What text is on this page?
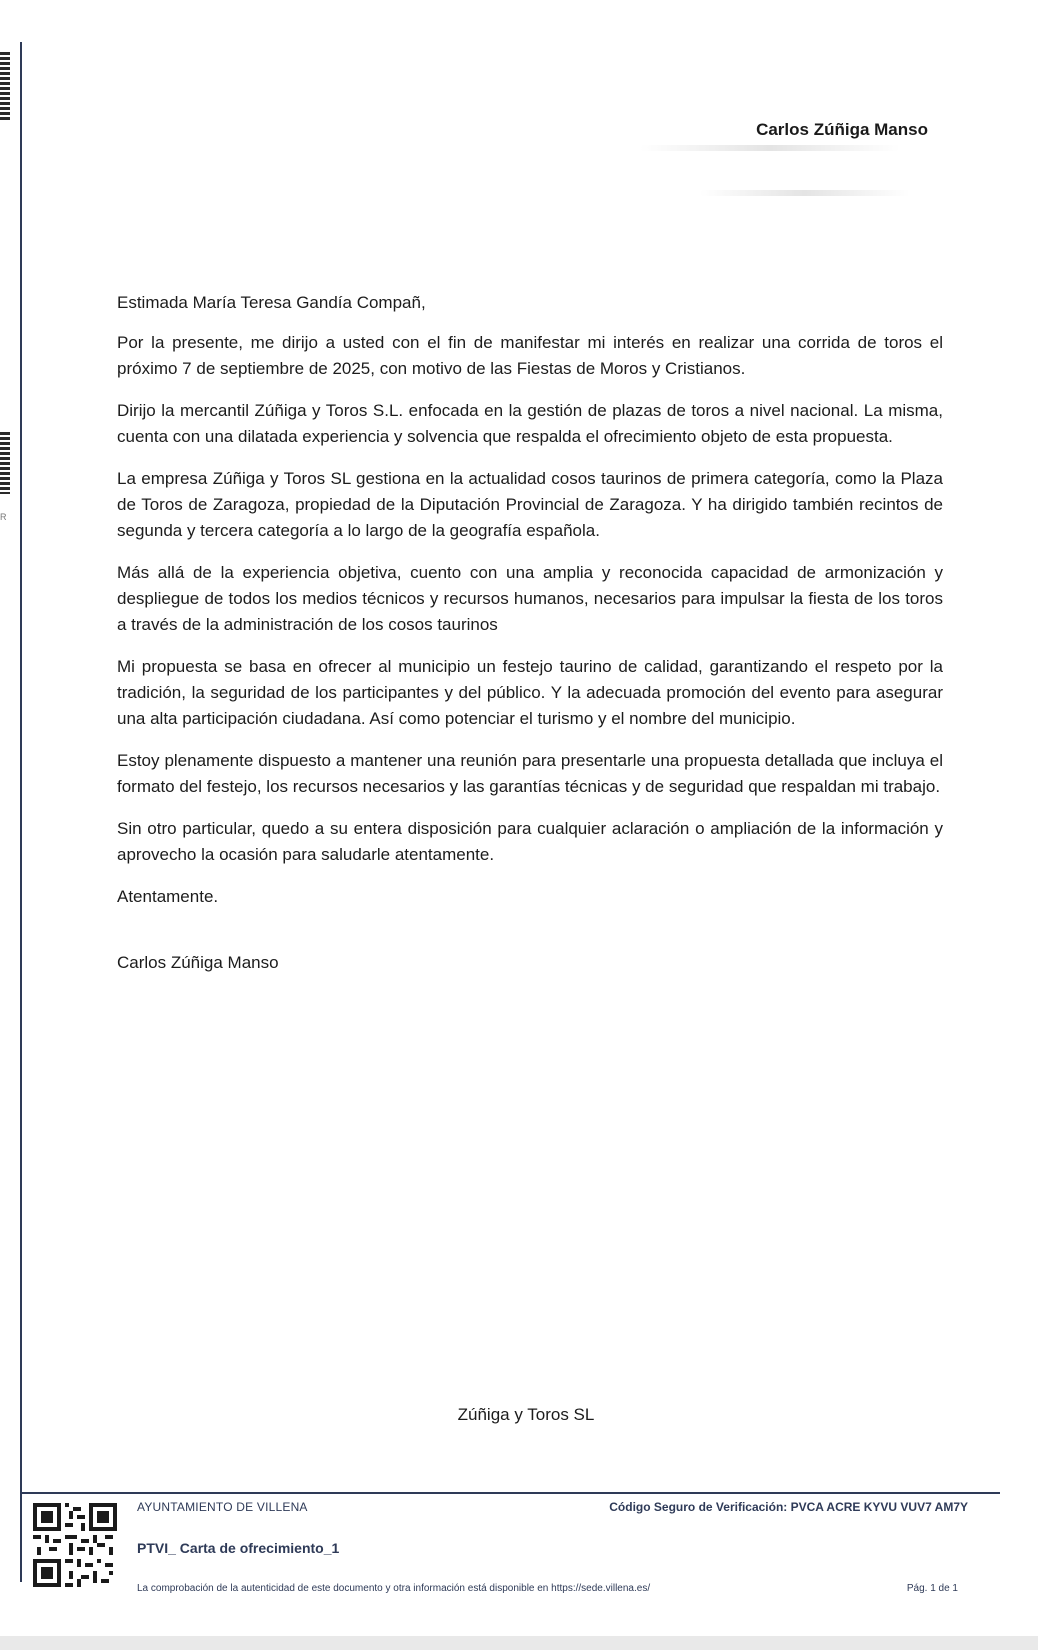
R
Carlos Zúñiga Manso

Estimada María Teresa Gandía Compañ,

Por la presente, me dirijo a usted con el fin de manifestar mi interés en realizar una corrida de toros el próximo 7 de septiembre de 2025, con motivo de las Fiestas de Moros y Cristianos.

Dirijo la mercantil Zúñiga y Toros S.L. enfocada en la gestión de plazas de toros a nivel nacional. La misma, cuenta con una dilatada experiencia y solvencia que respalda el ofrecimiento objeto de esta propuesta.

La empresa Zúñiga y Toros SL gestiona en la actualidad cosos taurinos de primera categoría, como la Plaza de Toros de Zaragoza, propiedad de la Diputación Provincial de Zaragoza. Y ha dirigido también recintos de segunda y tercera categoría a lo largo de la geografía española.

Más allá de la experiencia objetiva, cuento con una amplia y reconocida capacidad de armonización y despliegue de todos los medios técnicos y recursos humanos, necesarios para impulsar la fiesta de los toros a través de la administración de los cosos taurinos

Mi propuesta se basa en ofrecer al municipio un festejo taurino de calidad, garantizando el respeto por la tradición, la seguridad de los participantes y del público. Y la adecuada promoción del evento para asegurar una alta participación ciudadana. Así como potenciar el turismo y el nombre del municipio.

Estoy plenamente dispuesto a mantener una reunión para presentarle una propuesta detallada que incluya el formato del festejo, los recursos necesarios y las garantías técnicas y de seguridad que respaldan mi trabajo.

Sin otro particular, quedo a su entera disposición para cualquier aclaración o ampliación de la información y aprovecho la ocasión para saludarle atentamente.

Atentamente.

Carlos Zúñiga Manso

Zúñiga y Toros SL
AYUNTAMIENTO DE VILLENA	Código Seguro de Verificación: PVCA ACRE KYVU VUV7 AM7Y
PTVI_ Carta de ofrecimiento_1
La comprobación de la autenticidad de este documento y otra información está disponible en https://sede.villena.es/	Pág. 1 de 1
